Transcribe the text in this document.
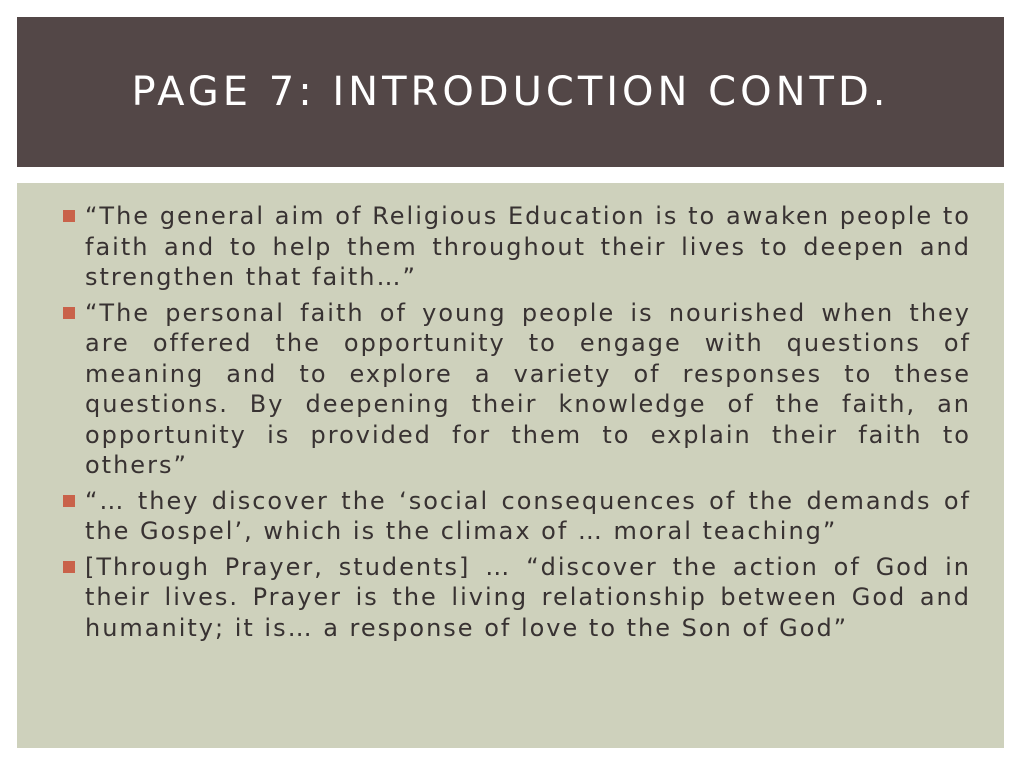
PAGE 7: INTRODUCTION CONTD.
“The general aim of Religious Education is to awaken people to faith and to help them throughout their lives to deepen and strengthen that faith…”
“The personal faith of young people is nourished when they are offered the opportunity to engage with questions of meaning and to explore a variety of responses to these questions. By deepening their knowledge of the faith, an opportunity is provided for them to explain their faith to others”
“… they discover the ‘social consequences of the demands of the Gospel’, which is the climax of … moral teaching”
[Through Prayer, students] … “discover the action of God in their lives. Prayer is the living relationship between God and humanity; it is… a response of love to the Son of God”
